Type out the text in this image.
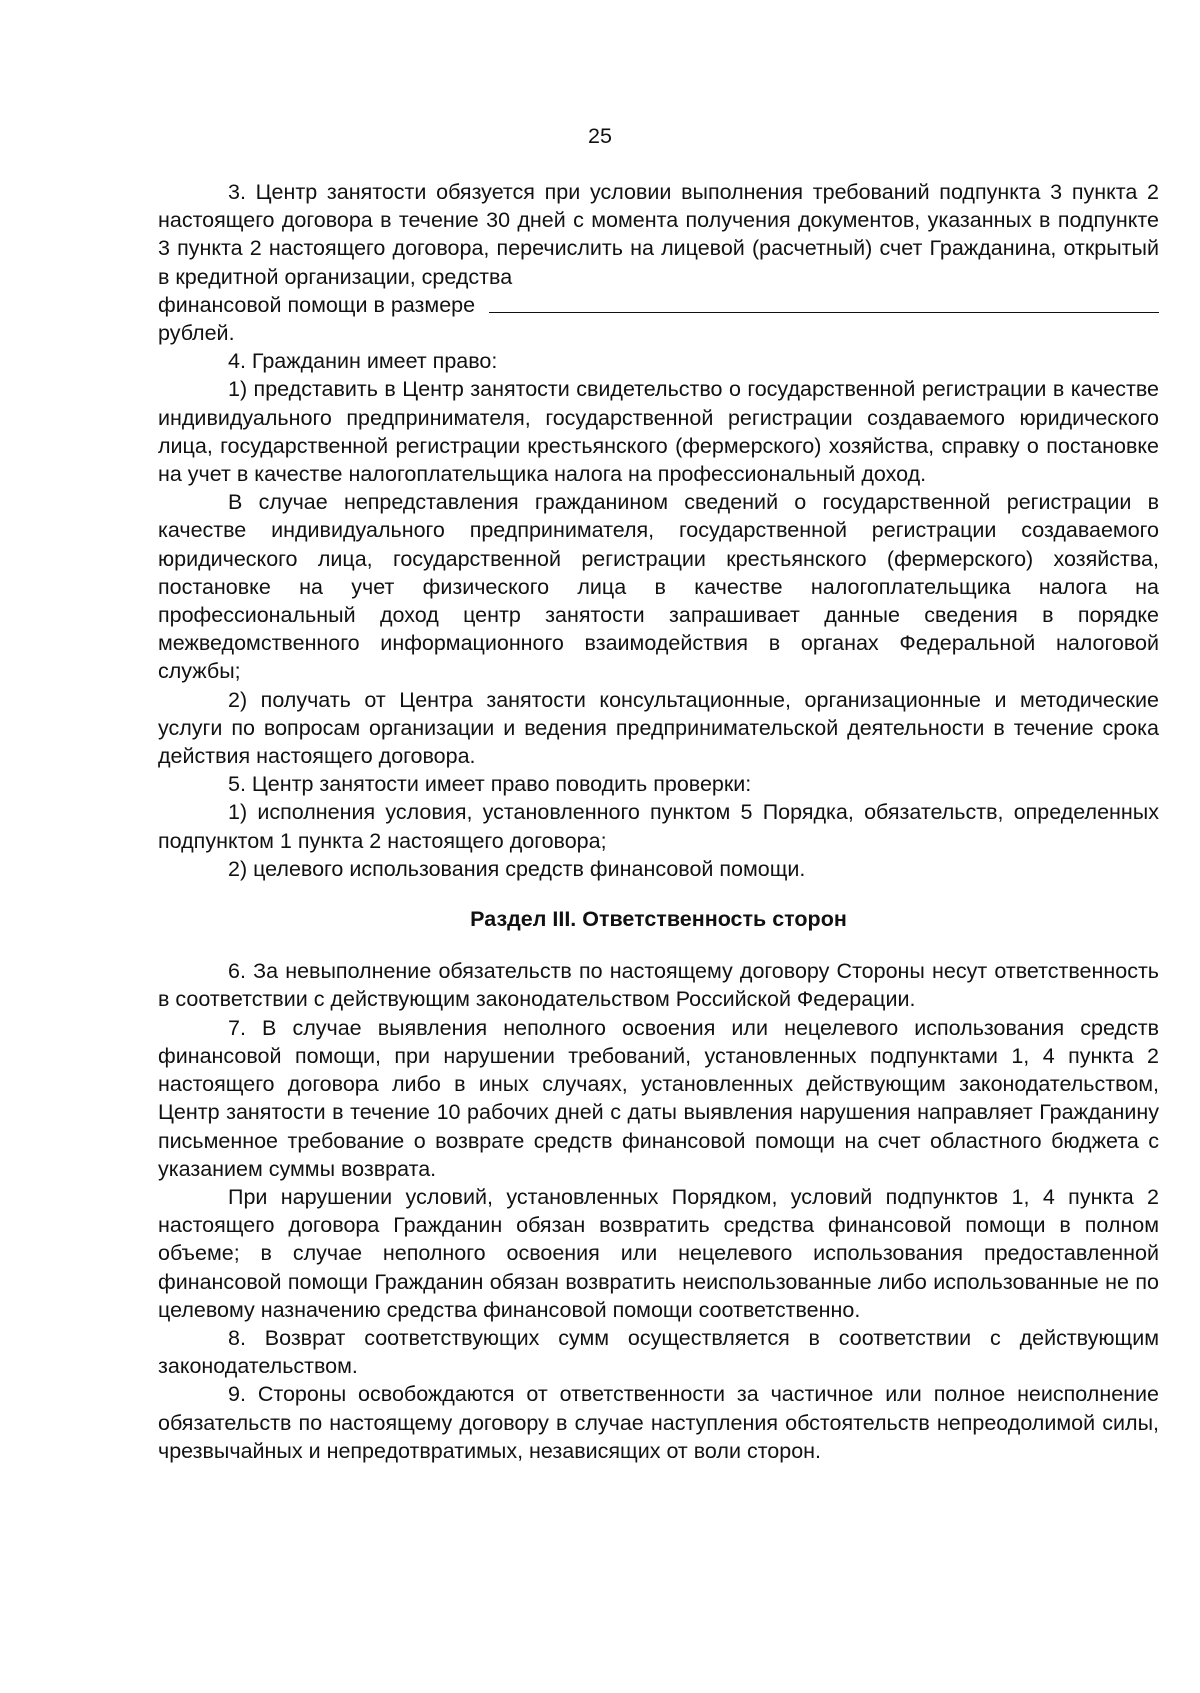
25

3. Центр занятости обязуется при условии выполнения требований подпункта 3 пункта 2 настоящего договора в течение 30 дней с момента получения документов, указанных в подпункте 3 пункта 2 настоящего договора, перечислить на лицевой (расчетный) счет Гражданина, открытый в кредитной организации, средства

финансовой помощи в размере

рублей.

4. Гражданин имеет право:

1) представить в Центр занятости свидетельство о государственной регистрации в качестве индивидуального предпринимателя, государственной регистрации создаваемого юридического лица, государственной регистрации крестьянского (фермерского) хозяйства, справку о постановке на учет в качестве налогоплательщика налога на профессиональный доход.

В случае непредставления гражданином сведений о государственной регистрации в качестве индивидуального предпринимателя, государственной регистрации создаваемого юридического лица, государственной регистрации крестьянского (фермерского) хозяйства, постановке на учет физического лица в качестве налогоплательщика налога на профессиональный доход центр занятости запрашивает данные сведения в порядке межведомственного информационного взаимодействия в органах Федеральной налоговой службы;

2) получать от Центра занятости консультационные, организационные и методические услуги по вопросам организации и ведения предпринимательской деятельности в течение срока действия настоящего договора.

5. Центр занятости имеет право поводить проверки:

1) исполнения условия, установленного пунктом 5 Порядка, обязательств, определенных подпунктом 1 пункта 2 настоящего договора;

2) целевого использования средств финансовой помощи.

Раздел III. Ответственность сторон

6. За невыполнение обязательств по настоящему договору Стороны несут ответственность в соответствии с действующим законодательством Российской Федерации.

7. В случае выявления неполного освоения или нецелевого использования средств финансовой помощи, при нарушении требований, установленных подпунктами 1, 4 пункта 2 настоящего договора либо в иных случаях, установленных действующим законодательством, Центр занятости в течение 10 рабочих дней с даты выявления нарушения направляет Гражданину письменное требование о возврате средств финансовой помощи на счет областного бюджета с указанием суммы возврата.

При нарушении условий, установленных Порядком, условий подпунктов 1, 4 пункта 2 настоящего договора Гражданин обязан возвратить средства финансовой помощи в полном объеме; в случае неполного освоения или нецелевого использования предоставленной финансовой помощи Гражданин обязан возвратить неиспользованные либо использованные не по целевому назначению средства финансовой помощи соответственно.

8. Возврат соответствующих сумм осуществляется в соответствии с действующим законодательством.

9. Стороны освобождаются от ответственности за частичное или полное неисполнение обязательств по настоящему договору в случае наступления обстоятельств непреодолимой силы, чрезвычайных и непредотвратимых, независящих от воли сторон.
